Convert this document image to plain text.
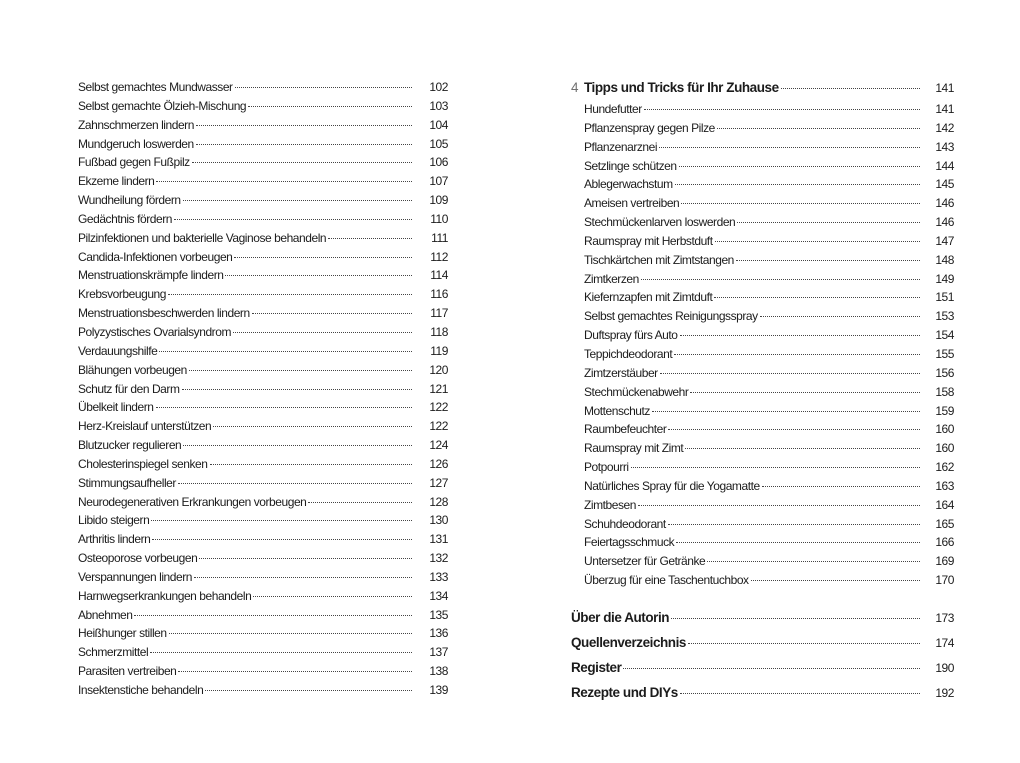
Selbst gemachtes Mundwasser	102
Selbst gemachte Ölzieh-Mischung	103
Zahnschmerzen lindern	104
Mundgeruch loswerden	105
Fußbad gegen Fußpilz	106
Ekzeme lindern	107
Wundheilung fördern	109
Gedächtnis fördern	110
Pilzinfektionen und bakterielle Vaginose behandeln	111
Candida-Infektionen vorbeugen	112
Menstruationskrämpfe lindern	114
Krebsvorbeugung	116
Menstruationsbeschwerden lindern	117
Polyzystisches Ovarialsyndrom	118
Verdauungshilfe	119
Blähungen vorbeugen	120
Schutz für den Darm	121
Übelkeit lindern	122
Herz-Kreislauf unterstützen	122
Blutzucker regulieren	124
Cholesterinspiegel senken	126
Stimmungsaufheller	127
Neurodegenerativen Erkrankungen vorbeugen	128
Libido steigern	130
Arthritis lindern	131
Osteoporose vorbeugen	132
Verspannungen lindern	133
Harnwegserkrankungen behandeln	134
Abnehmen	135
Heißhunger stillen	136
Schmerzmittel	137
Parasiten vertreiben	138
Insektenstiche behandeln	139
4 Tipps und Tricks für Ihr Zuhause	141
Hundefutter	141
Pflanzenspray gegen Pilze	142
Pflanzenarznei	143
Setzlinge schützen	144
Ablegerwachstum	145
Ameisen vertreiben	146
Stechmückenlarven loswerden	146
Raumspray mit Herbstduft	147
Tischkärtchen mit Zimtstangen	148
Zimtkerzen	149
Kiefernzapfen mit Zimtduft	151
Selbst gemachtes Reinigungsspray	153
Duftspray fürs Auto	154
Teppichdeodorant	155
Zimtzerstäuber	156
Stechmückenabwehr	158
Mottenschutz	159
Raumbefeuchter	160
Raumspray mit Zimt	160
Potpourri	162
Natürliches Spray für die Yogamatte	163
Zimtbesen	164
Schuhdeodorant	165
Feiertagsschmuck	166
Untersetzer für Getränke	169
Überzug für eine Taschentuchbox	170
Über die Autorin	173
Quellenverzeichnis	174
Register	190
Rezepte und DIYs	192
